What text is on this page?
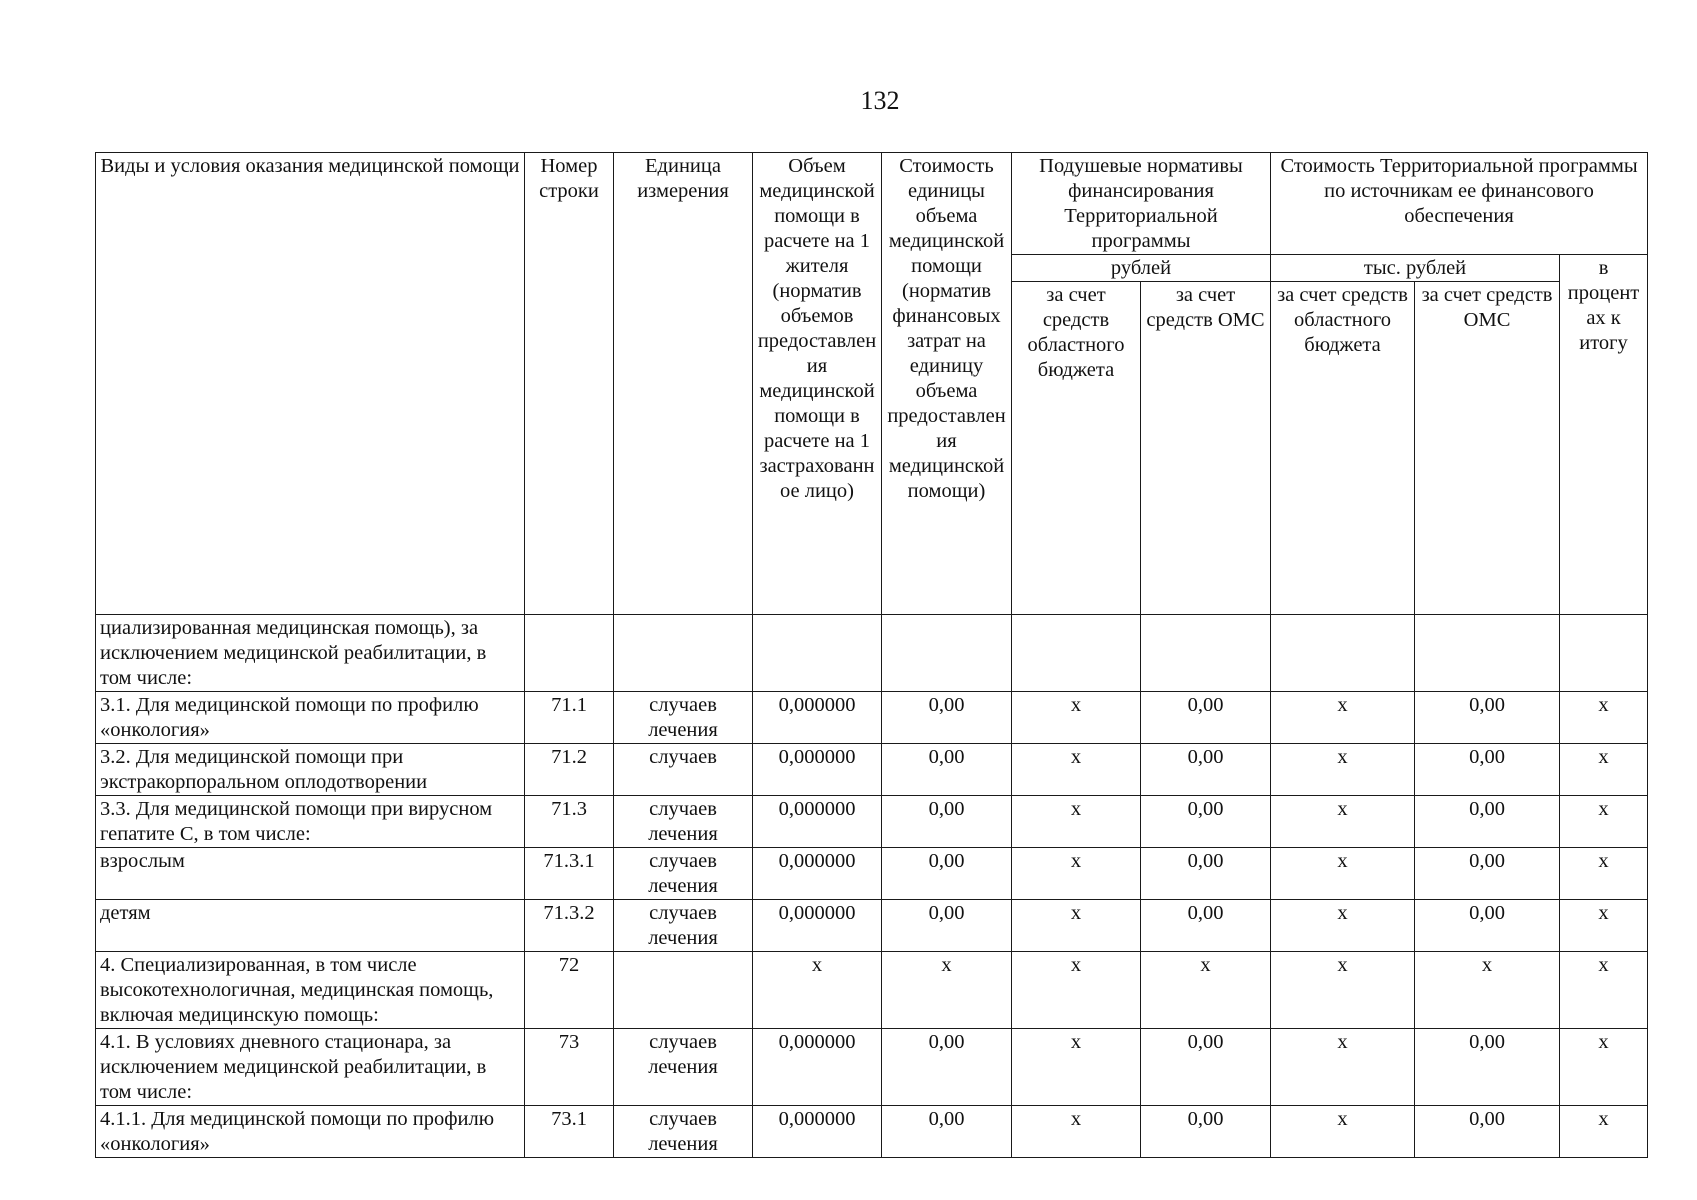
132
Виды и условия оказания медицинской помощи	Номер строки	Единица измерения	Объем медицинской помощи в расчете на 1 жителя (норматив объемов предоставления медицинской помощи в расчете на 1 застрахованное лицо)	Стоимость единицы объема медицинской помощи (норматив финансовых затрат на единицу объема предоставления медицинской помощи)	Подушевые нормативы финансирования Территориальной программы		Стоимость Территориальной программы по источникам ее финансового обеспечения		
					рублей		тыс. рублей		в процентах к итогу
					за счет средств областного бюджета	за счет средств ОМС	за счет средств областного бюджета	за счет средств ОМС	

циализированная медицинская помощь), за исключением медицинской реабилитации, в том числе:									
3.1. Для медицинской помощи по профилю «онкология»	71.1	случаев лечения	0,000000	0,00	х	0,00	х	0,00	х
3.2. Для медицинской помощи при экстракорпоральном оплодотворении	71.2	случаев	0,000000	0,00	х	0,00	х	0,00	х
3.3. Для медицинской помощи при вирусном гепатите С, в том числе:	71.3	случаев лечения	0,000000	0,00	х	0,00	х	0,00	х
взрослым	71.3.1	случаев лечения	0,000000	0,00	х	0,00	х	0,00	х
детям	71.3.2	случаев лечения	0,000000	0,00	х	0,00	х	0,00	х
4. Специализированная, в том числе высокотехнологичная, медицинская помощь, включая медицинскую помощь:	72		х	х	х	х	х	х	х
4.1. В условиях дневного стационара, за исключением медицинской реабилитации, в том числе:	73	случаев лечения	0,000000	0,00	х	0,00	х	0,00	х
4.1.1. Для медицинской помощи по профилю «онкология»	73.1	случаев лечения	0,000000	0,00	х	0,00	х	0,00	х
